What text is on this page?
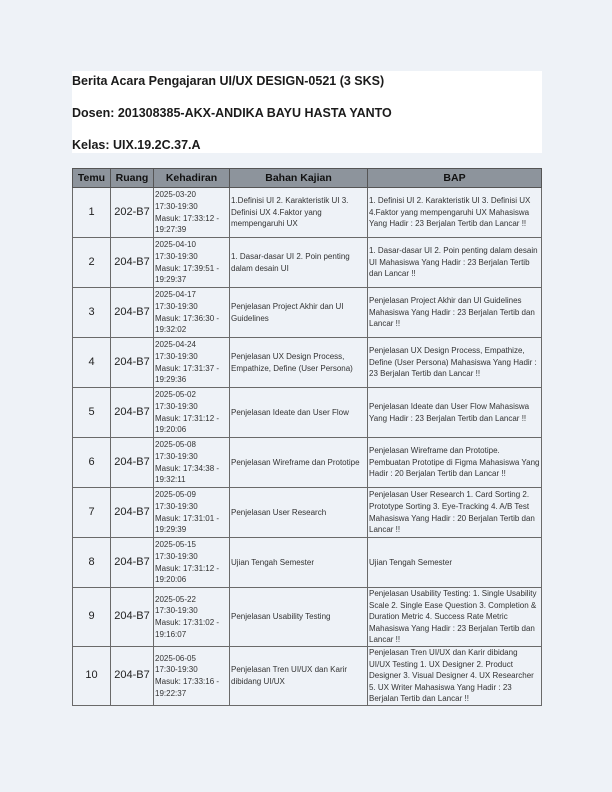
Berita Acara Pengajaran UI/UX DESIGN-0521 (3 SKS)
Dosen: 201308385-AKX-ANDIKA BAYU HASTA YANTO
Kelas: UIX.19.2C.37.A
Temu	Ruang	Kehadiran	Bahan Kajian	BAP
1	202-B7	2025-03-20
17:30-19:30
Masuk: 17:33:12 -
19:27:39	1.Definisi UI 2. Karakteristik UI 3. Definisi UX 4.Faktor yang mempengaruhi UX	1. Definisi UI 2. Karakteristik UI 3. Definisi UX 4.Faktor yang mempengaruhi UX Mahasiswa Yang Hadir : 23 Berjalan Tertib dan Lancar !!
2	204-B7	2025-04-10
17:30-19:30
Masuk: 17:39:51 -
19:29:37	1. Dasar-dasar UI 2. Poin penting dalam desain UI	1. Dasar-dasar UI 2. Poin penting dalam desain UI Mahasiswa Yang Hadir : 23 Berjalan Tertib dan Lancar !!
3	204-B7	2025-04-17
17:30-19:30
Masuk: 17:36:30 -
19:32:02	Penjelasan Project Akhir dan UI Guidelines	Penjelasan Project Akhir dan UI Guidelines Mahasiswa Yang Hadir : 23 Berjalan Tertib dan Lancar !!
4	204-B7	2025-04-24
17:30-19:30
Masuk: 17:31:37 -
19:29:36	Penjelasan UX Design Process, Empathize, Define (User Persona)	Penjelasan UX Design Process, Empathize, Define (User Persona) Mahasiswa Yang Hadir : 23 Berjalan Tertib dan Lancar !!
5	204-B7	2025-05-02
17:30-19:30
Masuk: 17:31:12 -
19:20:06	Penjelasan Ideate dan User Flow	Penjelasan Ideate dan User Flow Mahasiswa Yang Hadir : 23 Berjalan Tertib dan Lancar !!
6	204-B7	2025-05-08
17:30-19:30
Masuk: 17:34:38 -
19:32:11	Penjelasan Wireframe dan Prototipe	Penjelasan Wireframe dan Prototipe. Pembuatan Prototipe di Figma Mahasiswa Yang Hadir : 20 Berjalan Tertib dan Lancar !!
7	204-B7	2025-05-09
17:30-19:30
Masuk: 17:31:01 -
19:29:39	Penjelasan User Research	Penjelasan User Research 1. Card Sorting 2. Prototype Sorting 3. Eye-Tracking 4. A/B Test Mahasiswa Yang Hadir : 20 Berjalan Tertib dan Lancar !!
8	204-B7	2025-05-15
17:30-19:30
Masuk: 17:31:12 -
19:20:06	Ujian Tengah Semester	Ujian Tengah Semester
9	204-B7	2025-05-22
17:30-19:30
Masuk: 17:31:02 -
19:16:07	Penjelasan Usability Testing	Penjelasan Usability Testing: 1. Single Usability Scale 2. Single Ease Question 3. Completion & Duration Metric 4. Success Rate Metric Mahasiswa Yang Hadir : 23 Berjalan Tertib dan Lancar !!
10	204-B7	2025-06-05
17:30-19:30
Masuk: 17:33:16 -
19:22:37	Penjelasan Tren UI/UX dan Karir dibidang UI/UX	Penjelasan Tren UI/UX dan Karir dibidang UI/UX Testing 1. UX Designer 2. Product Designer 3. Visual Designer 4. UX Researcher 5. UX Writer Mahasiswa Yang Hadir : 23 Berjalan Tertib dan Lancar !!
